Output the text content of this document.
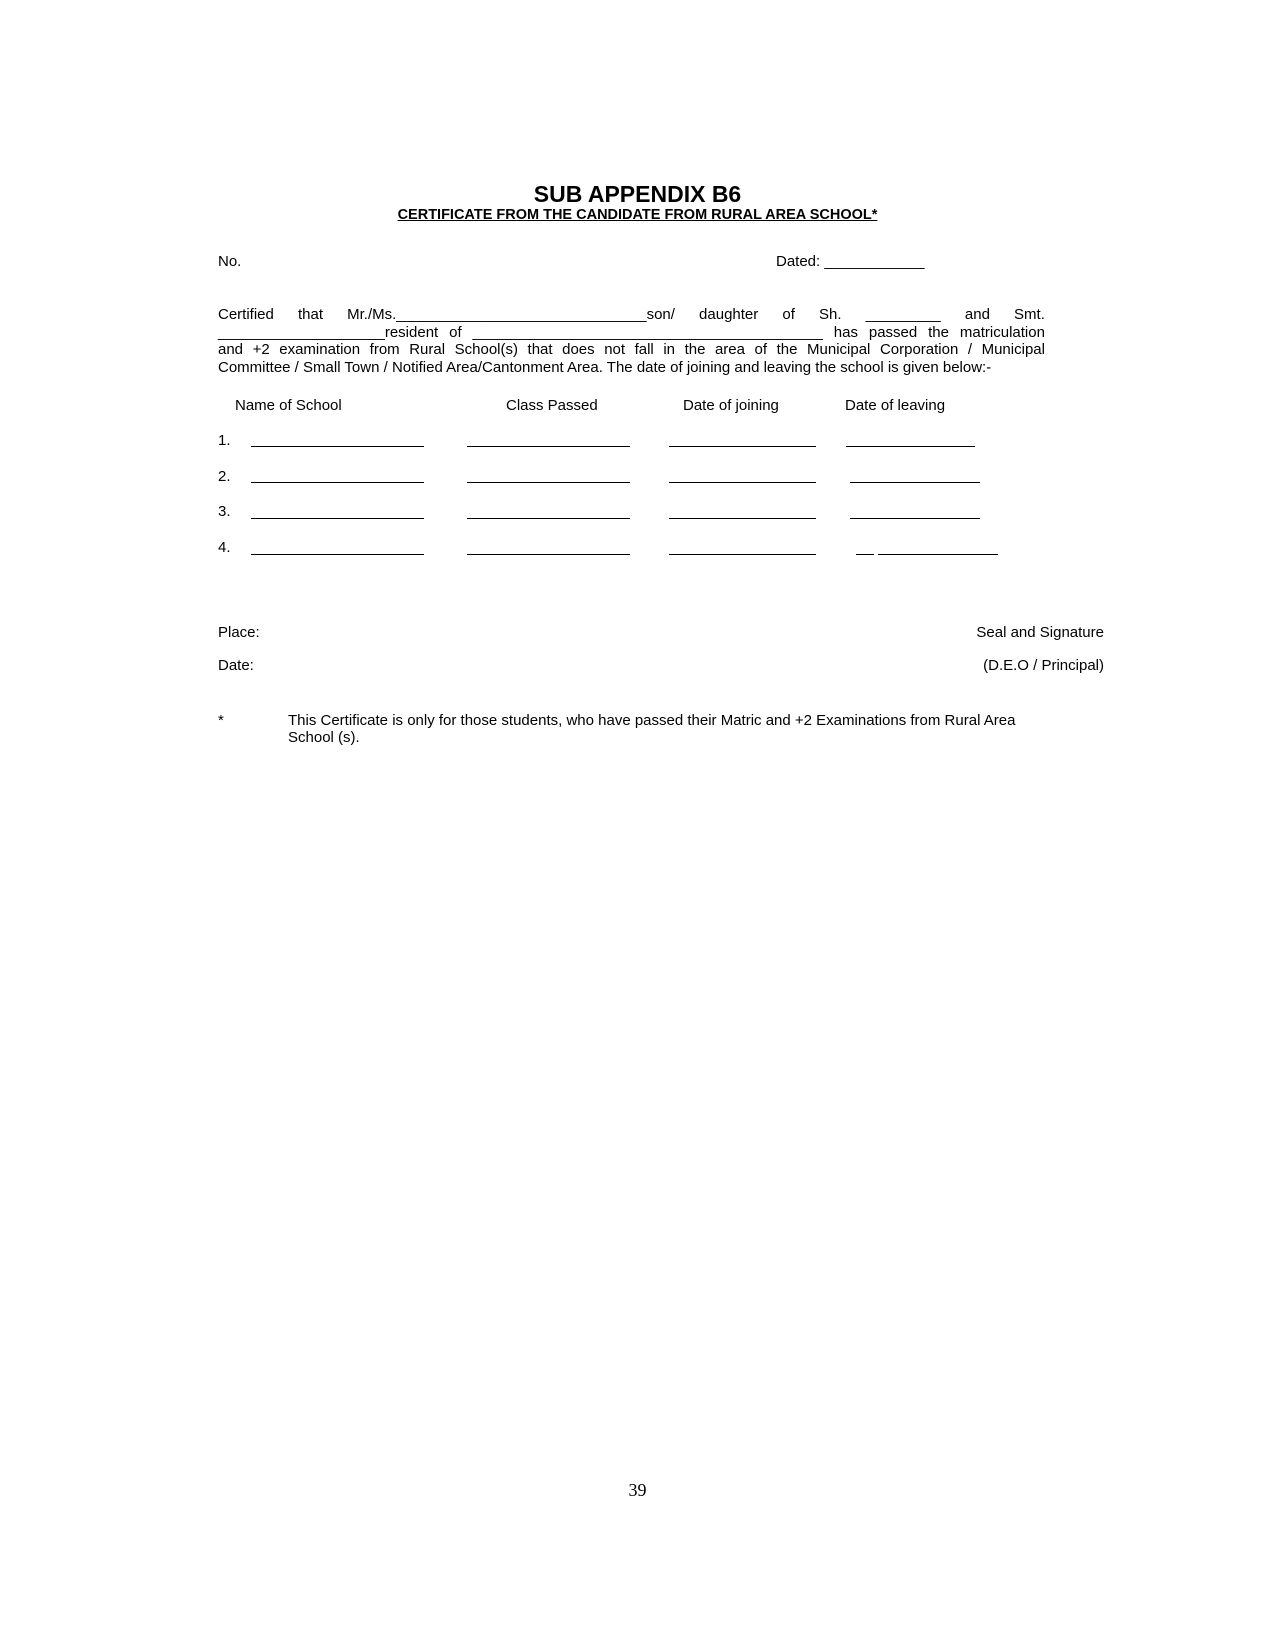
SUB APPENDIX B6
CERTIFICATE FROM THE CANDIDATE FROM RURAL AREA SCHOOL*
No.	Dated: ____________
Certified that Mr./Ms.______________________________son/ daughter of Sh. _________ and Smt.
____________________resident of __________________________________________ has passed the matriculation
and +2 examination from Rural School(s) that does not fall in the area of the Municipal Corporation / Municipal
Committee / Small Town / Notified Area/Cantonment Area. The date of joining and leaving the school is given below:-
Name of School	Class Passed	Date of joining	Date of leaving
1.
2.
3.
4.
Place:
Date:
Seal and Signature
(D.E.O / Principal)
*	This Certificate is only for those students, who have passed their Matric and +2 Examinations from Rural Area School (s).
39
